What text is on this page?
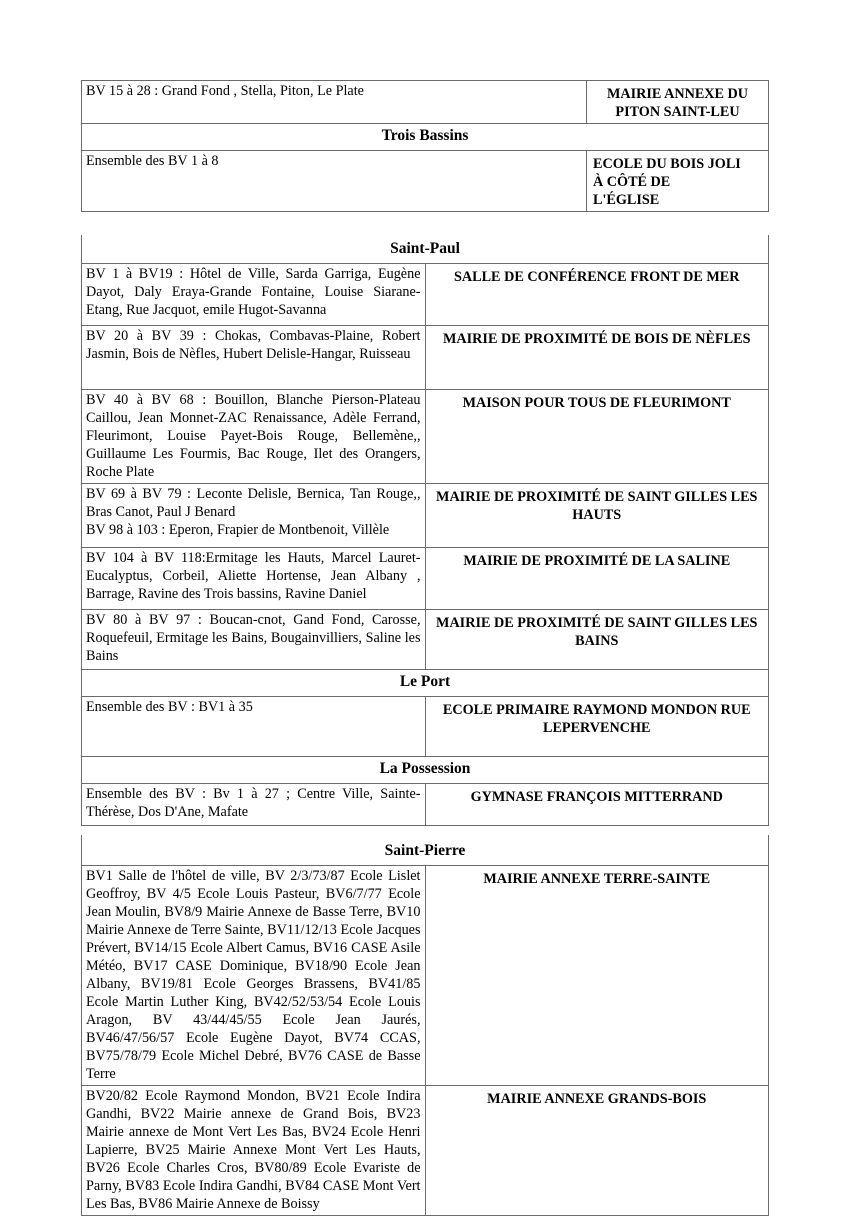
BV 15 à 28 : Grand Fond , Stella, Piton, Le Plate	MAIRIE ANNEXE DU PITON SAINT-LEU
Trois Bassins	
Ensemble des BV 1 à 8	ECOLE DU BOIS JOLI
À CÔTÉ DE
L'ÉGLISE
Saint-Paul	
BV 1 à BV19 : Hôtel de Ville, Sarda Garriga, Eugène Dayot, Daly Eraya-Grande Fontaine, Louise Siarane-Etang, Rue Jacquot, emile Hugot-Savanna	SALLE DE CONFÉRENCE FRONT DE MER
BV 20 à BV 39 : Chokas, Combavas-Plaine, Robert Jasmin, Bois de Nèfles, Hubert Delisle-Hangar, Ruisseau	MAIRIE DE PROXIMITÉ DE BOIS DE NÈFLES
BV 40 à BV 68 : Bouillon, Blanche Pierson-Plateau Caillou, Jean Monnet-ZAC Renaissance, Adèle Ferrand, Fleurimont, Louise Payet-Bois Rouge, Bellemène,, Guillaume Les Fourmis, Bac Rouge, Ilet des Orangers, Roche Plate	MAISON POUR TOUS DE FLEURIMONT
BV 69 à BV 79 : Leconte Delisle, Bernica, Tan Rouge,, Bras Canot, Paul J Benard
BV 98 à 103 : Eperon, Frapier de Montbenoit, Villèle	MAIRIE DE PROXIMITÉ DE SAINT GILLES LES HAUTS
BV 104 à BV 118:Ermitage les Hauts, Marcel Lauret-Eucalyptus, Corbeil, Aliette Hortense, Jean Albany , Barrage, Ravine des Trois bassins, Ravine Daniel	MAIRIE DE PROXIMITÉ DE LA SALINE
BV 80 à BV 97 : Boucan-cnot, Gand Fond, Carosse, Roquefeuil, Ermitage les Bains, Bougainvilliers, Saline les Bains	MAIRIE DE PROXIMITÉ DE SAINT GILLES LES BAINS
Le Port	
Ensemble des BV : BV1 à 35	ECOLE PRIMAIRE RAYMOND MONDON RUE LEPERVENCHE
La Possession	
Ensemble des BV : Bv 1 à 27 ; Centre Ville, Sainte-Thérèse, Dos D'Ane, Mafate	GYMNASE FRANÇOIS MITTERRAND
Saint-Pierre	
BV1 Salle de l'hôtel de ville, BV 2/3/73/87 Ecole Lislet Geoffroy, BV 4/5 Ecole Louis Pasteur, BV6/7/77 Ecole Jean Moulin, BV8/9 Mairie Annexe de Basse Terre, BV10 Mairie Annexe de Terre Sainte, BV11/12/13 Ecole Jacques Prévert, BV14/15 Ecole Albert Camus, BV16 CASE Asile Météo, BV17 CASE Dominique, BV18/90 Ecole Jean Albany, BV19/81 Ecole Georges Brassens, BV41/85 Ecole Martin Luther King, BV42/52/53/54 Ecole Louis Aragon, BV 43/44/45/55 Ecole Jean Jaurés, BV46/47/56/57 Ecole Eugène Dayot, BV74 CCAS, BV75/78/79 Ecole Michel Debré, BV76 CASE de Basse Terre	MAIRIE ANNEXE TERRE-SAINTE
BV20/82 Ecole Raymond Mondon, BV21 Ecole Indira Gandhi, BV22 Mairie annexe de Grand Bois, BV23 Mairie annexe de Mont Vert Les Bas, BV24 Ecole Henri Lapierre, BV25 Mairie Annexe Mont Vert Les Hauts, BV26 Ecole Charles Cros, BV80/89 Ecole Evariste de Parny, BV83 Ecole Indira Gandhi, BV84 CASE Mont Vert Les Bas, BV86 Mairie Annexe de Boissy	MAIRIE ANNEXE GRANDS-BOIS
